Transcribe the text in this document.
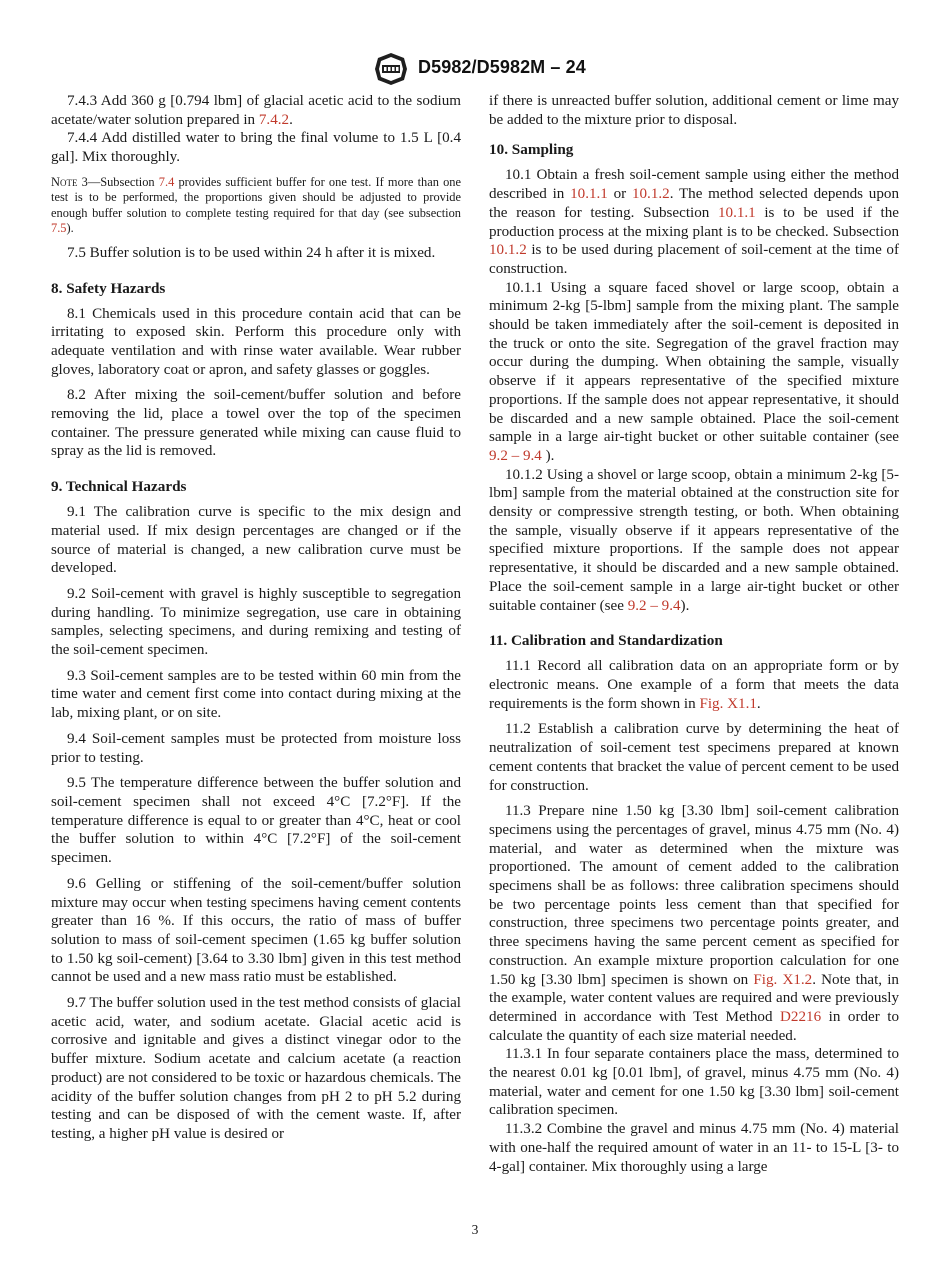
D5982/D5982M – 24

7.4.3 Add 360 g [0.794 lbm] of glacial acetic acid to the sodium acetate/water solution prepared in 7.4.2.

7.4.4 Add distilled water to bring the final volume to 1.5 L [0.4 gal]. Mix thoroughly.

Note 3—Subsection 7.4 provides sufficient buffer for one test. If more than one test is to be performed, the proportions given should be adjusted to provide enough buffer solution to complete testing required for that day (see subsection 7.5).

7.5 Buffer solution is to be used within 24 h after it is mixed.

8. Safety Hazards

8.1 Chemicals used in this procedure contain acid that can be irritating to exposed skin. Perform this procedure only with adequate ventilation and with rinse water available. Wear rubber gloves, laboratory coat or apron, and safety glasses or goggles.

8.2 After mixing the soil-cement/buffer solution and before removing the lid, place a towel over the top of the specimen container. The pressure generated while mixing can cause fluid to spray as the lid is removed.

9. Technical Hazards

9.1 The calibration curve is specific to the mix design and material used. If mix design percentages are changed or if the source of material is changed, a new calibration curve must be developed.

9.2 Soil-cement with gravel is highly susceptible to segregation during handling. To minimize segregation, use care in obtaining samples, selecting specimens, and during remixing and testing of the soil-cement specimen.

9.3 Soil-cement samples are to be tested within 60 min from the time water and cement first come into contact during mixing at the lab, mixing plant, or on site.

9.4 Soil-cement samples must be protected from moisture loss prior to testing.

9.5 The temperature difference between the buffer solution and soil-cement specimen shall not exceed 4°C [7.2°F]. If the temperature difference is equal to or greater than 4°C, heat or cool the buffer solution to within 4°C [7.2°F] of the soil-cement specimen.

9.6 Gelling or stiffening of the soil-cement/buffer solution mixture may occur when testing specimens having cement contents greater than 16 %. If this occurs, the ratio of mass of buffer solution to mass of soil-cement specimen (1.65 kg buffer solution to 1.50 kg soil-cement) [3.64 to 3.30 lbm] given in this test method cannot be used and a new mass ratio must be established.

9.7 The buffer solution used in the test method consists of glacial acetic acid, water, and sodium acetate. Glacial acetic acid is corrosive and ignitable and gives a distinct vinegar odor to the buffer mixture. Sodium acetate and calcium acetate (a reaction product) are not considered to be toxic or hazardous chemicals. The acidity of the buffer solution changes from pH 2 to pH 5.2 during testing and can be disposed of with the cement waste. If, after testing, a higher pH value is desired or

if there is unreacted buffer solution, additional cement or lime may be added to the mixture prior to disposal.

10. Sampling

10.1 Obtain a fresh soil-cement sample using either the method described in 10.1.1 or 10.1.2. The method selected depends upon the reason for testing. Subsection 10.1.1 is to be used if the production process at the mixing plant is to be checked. Subsection 10.1.2 is to be used during placement of soil-cement at the time of construction.

10.1.1 Using a square faced shovel or large scoop, obtain a minimum 2-kg [5-lbm] sample from the mixing plant. The sample should be taken immediately after the soil-cement is deposited in the truck or onto the site. Segregation of the gravel fraction may occur during the dumping. When obtaining the sample, visually observe if it appears representative of the specified mixture proportions. If the sample does not appear representative, it should be discarded and a new sample obtained. Place the soil-cement sample in a large air-tight bucket or other suitable container (see 9.2 – 9.4 ).

10.1.2 Using a shovel or large scoop, obtain a minimum 2-kg [5-lbm] sample from the material obtained at the construction site for density or compressive strength testing, or both. When obtaining the sample, visually observe if it appears representative of the specified mixture proportions. If the sample does not appear representative, it should be discarded and a new sample obtained. Place the soil-cement sample in a large air-tight bucket or other suitable container (see 9.2 – 9.4).

11. Calibration and Standardization

11.1 Record all calibration data on an appropriate form or by electronic means. One example of a form that meets the data requirements is the form shown in Fig. X1.1.

11.2 Establish a calibration curve by determining the heat of neutralization of soil-cement test specimens prepared at known cement contents that bracket the value of percent cement to be used for construction.

11.3 Prepare nine 1.50 kg [3.30 lbm] soil-cement calibration specimens using the percentages of gravel, minus 4.75 mm (No. 4) material, and water as determined when the mixture was proportioned. The amount of cement added to the calibration specimens shall be as follows: three calibration specimens should be two percentage points less cement than that specified for construction, three specimens two percentage points greater, and three specimens having the same percent cement as specified for construction. An example mixture proportion calculation for one 1.50 kg [3.30 lbm] specimen is shown on Fig. X1.2. Note that, in the example, water content values are required and were previously determined in accordance with Test Method D2216 in order to calculate the quantity of each size material needed.

11.3.1 In four separate containers place the mass, determined to the nearest 0.01 kg [0.01 lbm], of gravel, minus 4.75 mm (No. 4) material, water and cement for one 1.50 kg [3.30 lbm] soil-cement calibration specimen.

11.3.2 Combine the gravel and minus 4.75 mm (No. 4) material with one-half the required amount of water in an 11- to 15-L [3- to 4-gal] container. Mix thoroughly using a large

3
